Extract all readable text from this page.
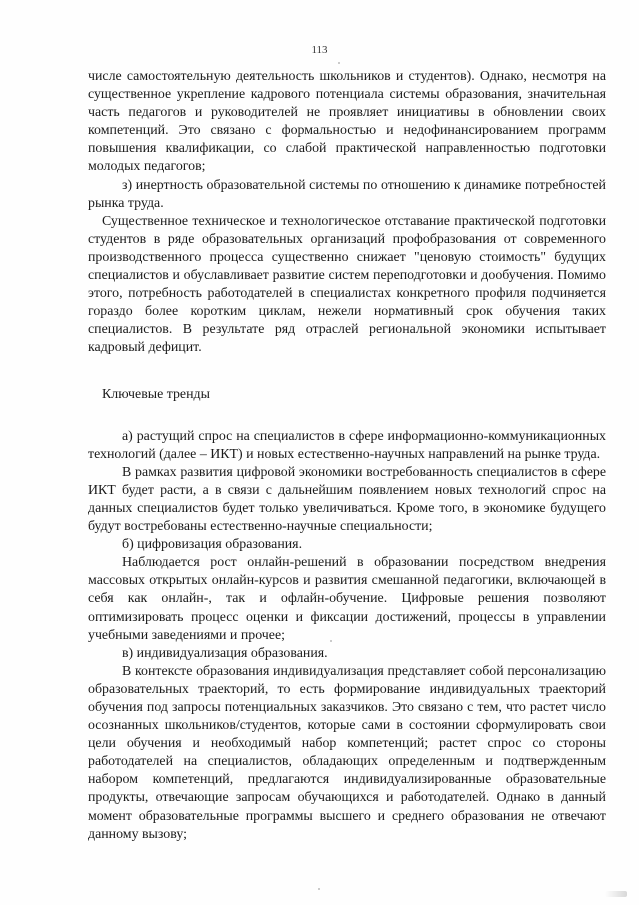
113

числе самостоятельную деятельность школьников и студентов). Однако, несмотря на существенное укрепление кадрового потенциала системы образования, значительная часть педагогов и руководителей не проявляет инициативы в обновлении своих компетенций. Это связано с формальностью и недофинансированием программ повышения квалификации, со слабой практической направленностью подготовки молодых педагогов;

з) инертность образовательной системы по отношению к динамике потребностей рынка труда.

Существенное техническое и технологическое отставание практической подготовки студентов в ряде образовательных организаций профобразования от современного производственного процесса существенно снижает "ценовую стоимость" будущих специалистов и обуславливает развитие систем переподготовки и дообучения. Помимо этого, потребность работодателей в специалистах конкретного профиля подчиняется гораздо более коротким циклам, нежели нормативный срок обучения таких специалистов. В результате ряд отраслей региональной экономики испытывает кадровый дефицит.

Ключевые тренды

а) растущий спрос на специалистов в сфере информационно-коммуникационных технологий (далее – ИКТ) и новых естественно-научных направлений на рынке труда.

В рамках развития цифровой экономики востребованность специалистов в сфере ИКТ будет расти, а в связи с дальнейшим появлением новых технологий спрос на данных специалистов будет только увеличиваться. Кроме того, в экономике будущего будут востребованы естественно-научные специальности;

б) цифровизация образования.

Наблюдается рост онлайн-решений в образовании посредством внедрения массовых открытых онлайн-курсов и развития смешанной педагогики, включающей в себя как онлайн-, так и офлайн-обучение. Цифровые решения позволяют оптимизировать процесс оценки и фиксации достижений, процессы в управлении учебными заведениями и прочее;

в) индивидуализация образования.

В контексте образования индивидуализация представляет собой персонализацию образовательных траекторий, то есть формирование индивидуальных траекторий обучения под запросы потенциальных заказчиков. Это связано с тем, что растет число осознанных школьников/студентов, которые сами в состоянии сформулировать свои цели обучения и необходимый набор компетенций; растет спрос со стороны работодателей на специалистов, обладающих определенным и подтвержденным набором компетенций, предлагаются индивидуализированные образовательные продукты, отвечающие запросам обучающихся и работодателей. Однако в данный момент образовательные программы высшего и среднего образования не отвечают данному вызову;
